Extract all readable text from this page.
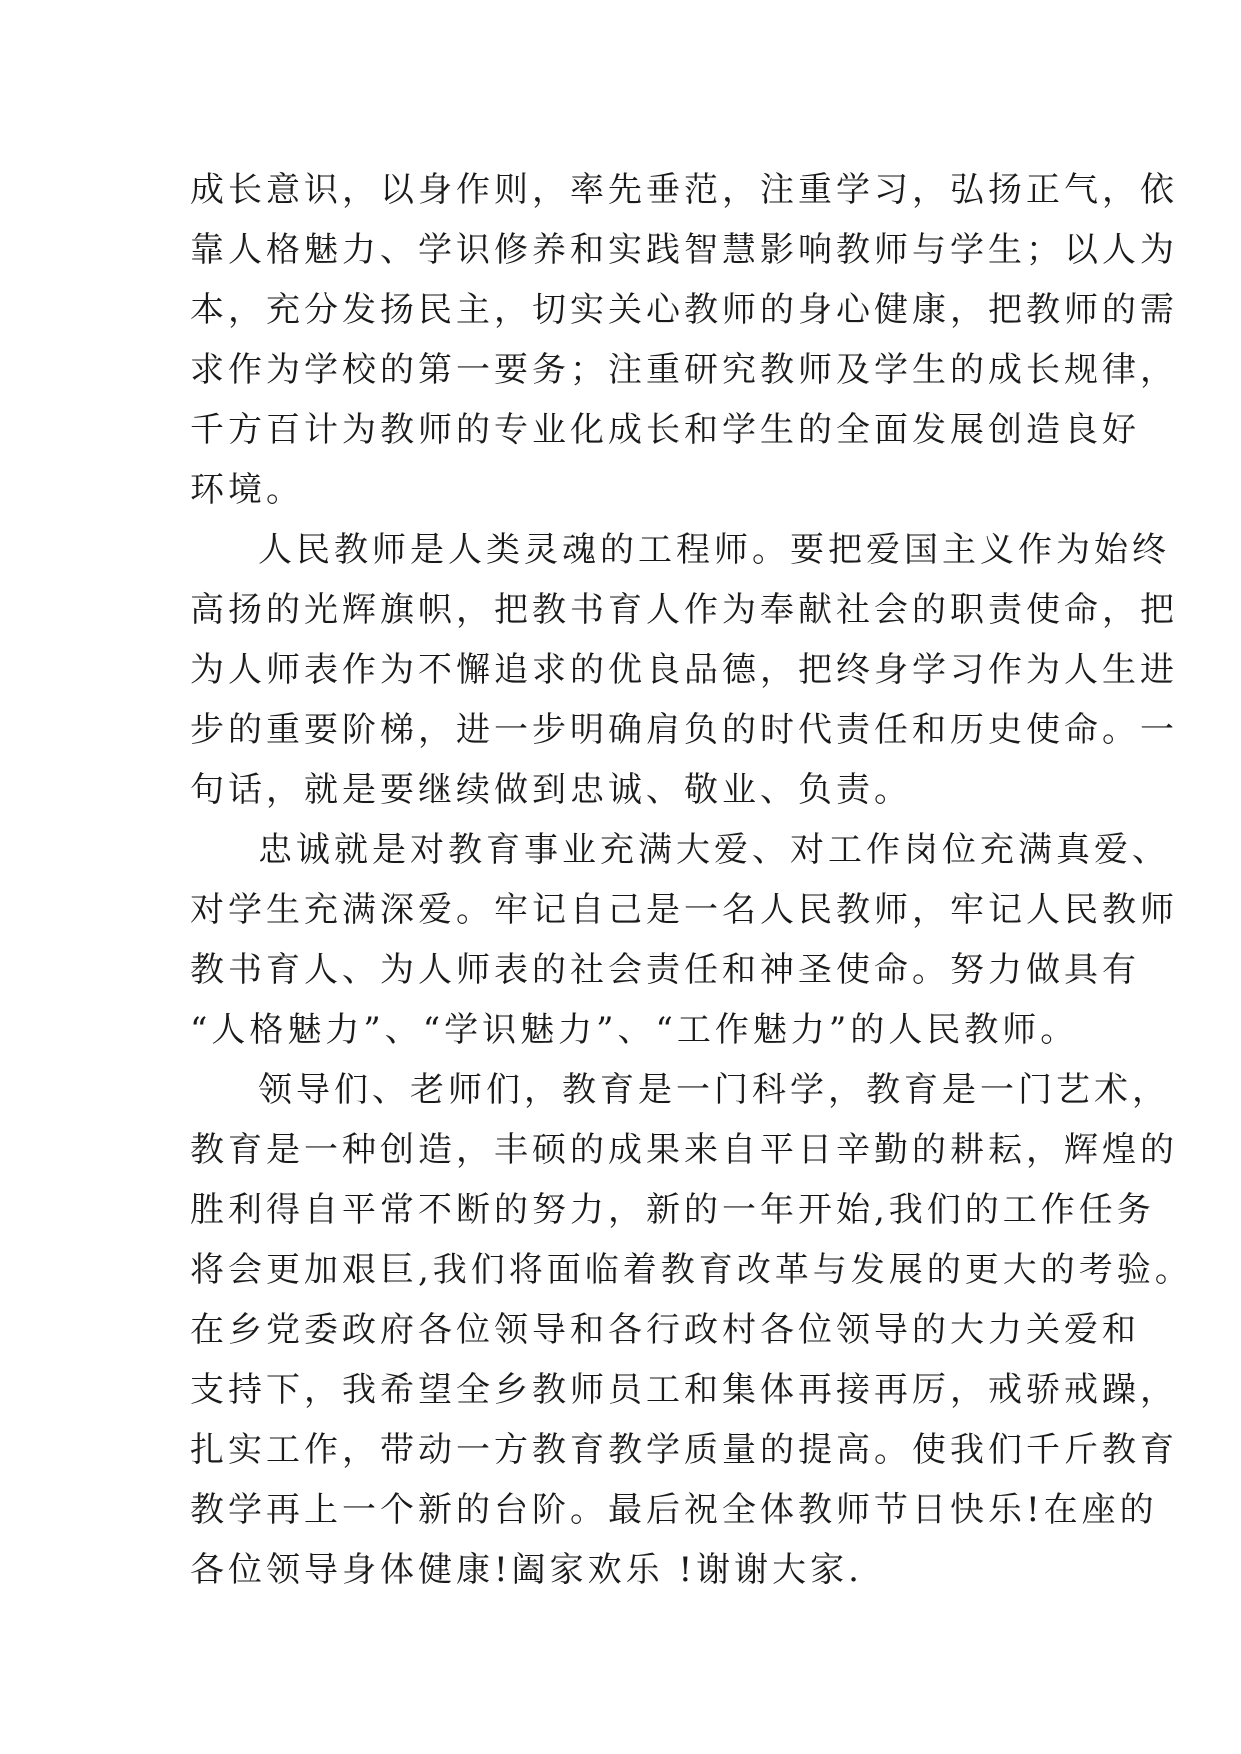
成长意识，以身作则，率先垂范，注重学习，弘扬正气，依
靠人格魅力、学识修养和实践智慧影响教师与学生；以人为
本，充分发扬民主，切实关心教师的身心健康，把教师的需
求作为学校的第一要务；注重研究教师及学生的成长规律，
千方百计为教师的专业化成长和学生的全面发展创造良好
环境。
人民教师是人类灵魂的工程师。要把爱国主义作为始终
高扬的光辉旗帜，把教书育人作为奉献社会的职责使命，把
为人师表作为不懈追求的优良品德，把终身学习作为人生进
步的重要阶梯，进一步明确肩负的时代责任和历史使命。一
句话，就是要继续做到忠诚、敬业、负责。
忠诚就是对教育事业充满大爱、对工作岗位充满真爱、
对学生充满深爱。牢记自己是一名人民教师，牢记人民教师
教书育人、为人师表的社会责任和神圣使命。努力做具有
“人格魅力”、“学识魅力”、“工作魅力”的人民教师。
领导们、老师们，教育是一门科学，教育是一门艺术，
教育是一种创造，丰硕的成果来自平日辛勤的耕耘，辉煌的
胜利得自平常不断的努力，新的一年开始,我们的工作任务
将会更加艰巨,我们将面临着教育改革与发展的更大的考验。
在乡党委政府各位领导和各行政村各位领导的大力关爱和
支持下，我希望全乡教师员工和集体再接再厉，戒骄戒躁，
扎实工作，带动一方教育教学质量的提高。使我们千斤教育
教学再上一个新的台阶。最后祝全体教师节日快乐!在座的
各位领导身体健康!阖家欢乐 !谢谢大家.
